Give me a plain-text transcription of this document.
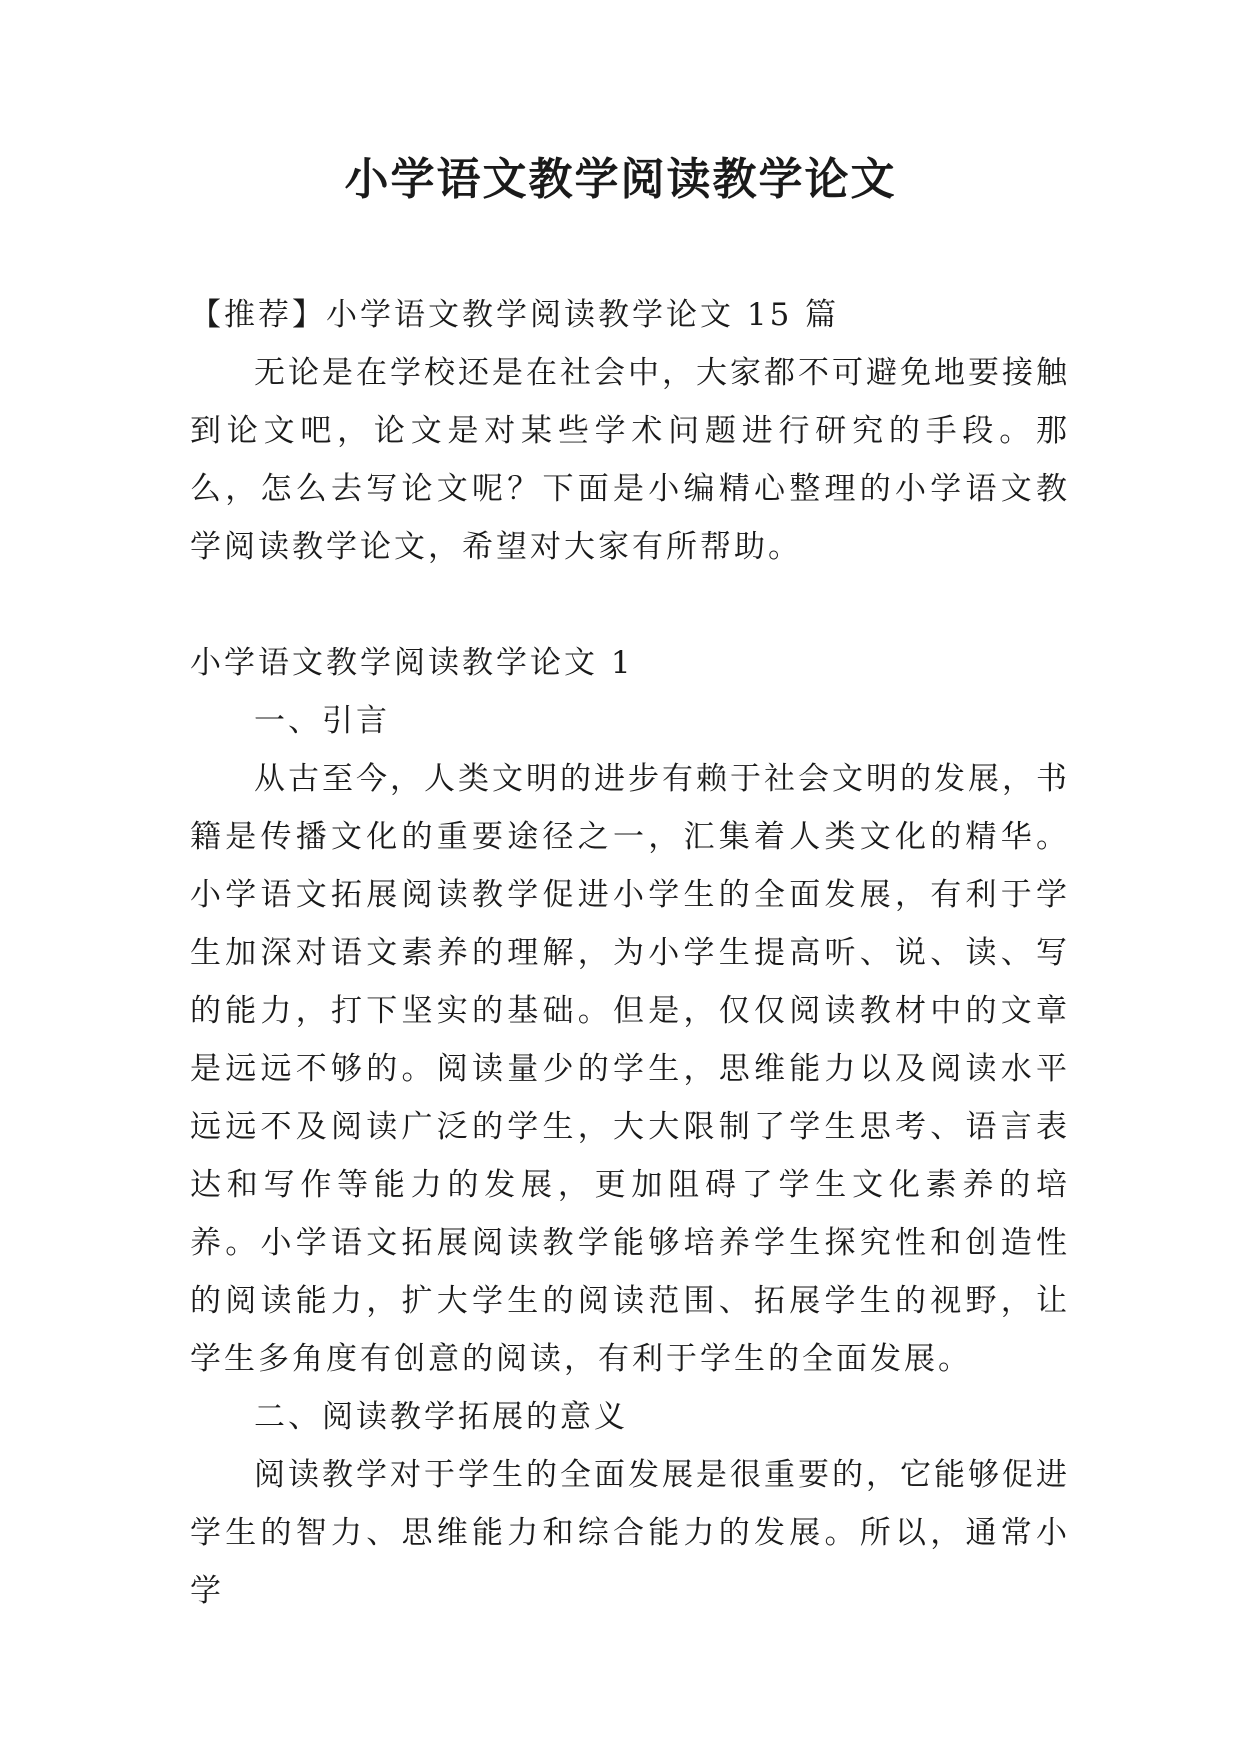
小学语文教学阅读教学论文

【推荐】小学语文教学阅读教学论文 15 篇

无论是在学校还是在社会中，大家都不可避免地要接触到论文吧，论文是对某些学术问题进行研究的手段。那么，怎么去写论文呢？下面是小编精心整理的小学语文教学阅读教学论文，希望对大家有所帮助。

小学语文教学阅读教学论文 1

一、引言

从古至今，人类文明的进步有赖于社会文明的发展，书籍是传播文化的重要途径之一，汇集着人类文化的精华。小学语文拓展阅读教学促进小学生的全面发展，有利于学生加深对语文素养的理解，为小学生提高听、说、读、写的能力，打下坚实的基础。但是，仅仅阅读教材中的文章是远远不够的。阅读量少的学生，思维能力以及阅读水平远远不及阅读广泛的学生，大大限制了学生思考、语言表达和写作等能力的发展，更加阻碍了学生文化素养的培养。小学语文拓展阅读教学能够培养学生探究性和创造性的阅读能力，扩大学生的阅读范围、拓展学生的视野，让学生多角度有创意的阅读，有利于学生的全面发展。

二、阅读教学拓展的意义

阅读教学对于学生的全面发展是很重要的，它能够促进学生的智力、思维能力和综合能力的发展。所以，通常小学
